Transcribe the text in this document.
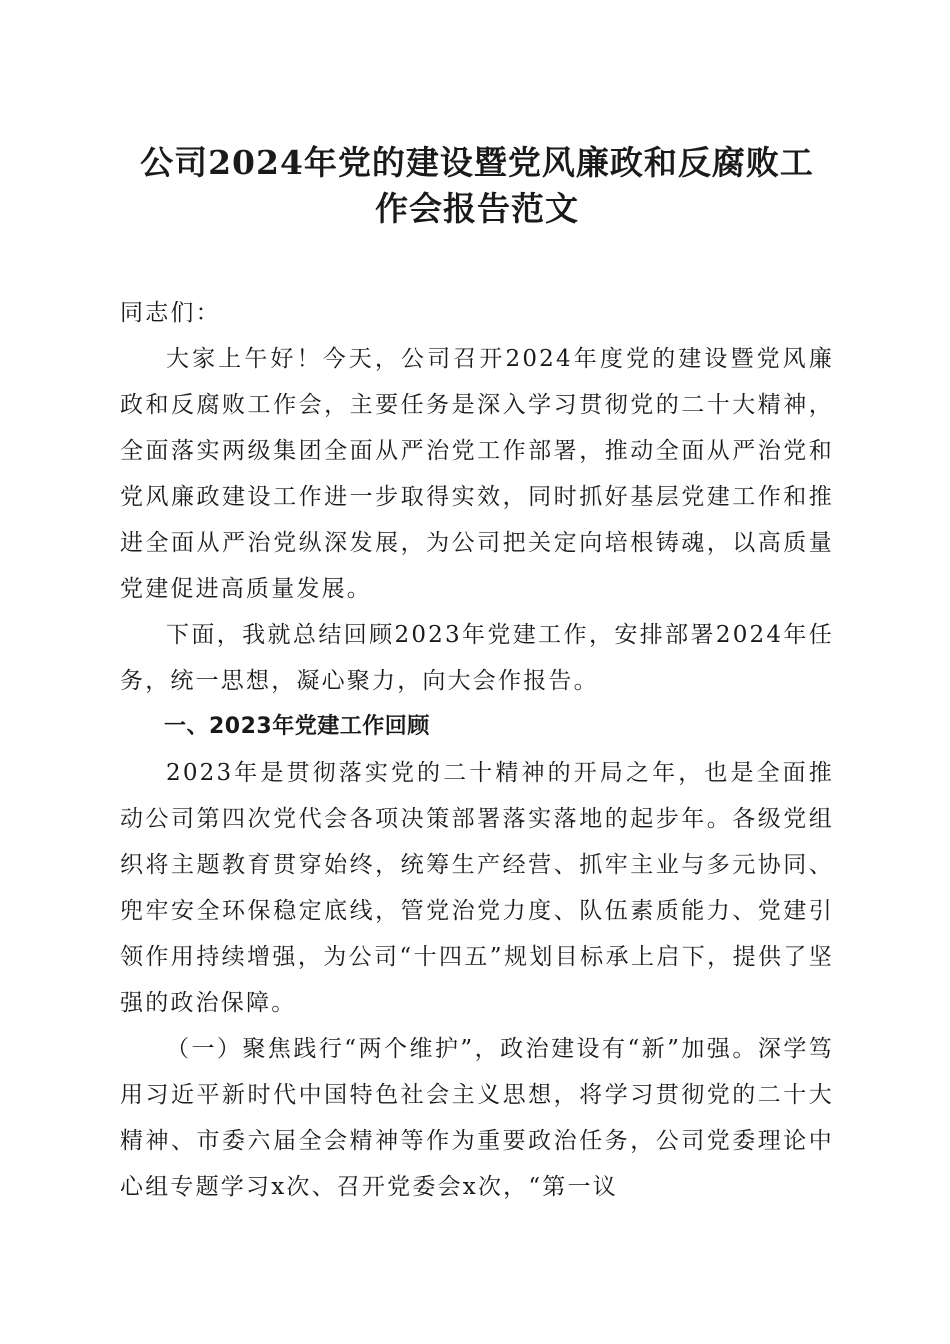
公司2024年党的建设暨党风廉政和反腐败工
作会报告范文

同志们：

大家上午好！今天，公司召开2024年度党的建设暨党风廉政和反腐败工作会，主要任务是深入学习贯彻党的二十大精神，全面落实两级集团全面从严治党工作部署，推动全面从严治党和党风廉政建设工作进一步取得实效，同时抓好基层党建工作和推进全面从严治党纵深发展，为公司把关定向培根铸魂，以高质量党建促进高质量发展。

下面，我就总结回顾2023年党建工作，安排部署2024年任务，统一思想，凝心聚力，向大会作报告。

一、2023年党建工作回顾

2023年是贯彻落实党的二十精神的开局之年，也是全面推动公司第四次党代会各项决策部署落实落地的起步年。各级党组织将主题教育贯穿始终，统筹生产经营、抓牢主业与多元协同、兜牢安全环保稳定底线，管党治党力度、队伍素质能力、党建引领作用持续增强，为公司“十四五”规划目标承上启下，提供了坚强的政治保障。

（一）聚焦践行“两个维护”，政治建设有“新”加强。深学笃用习近平新时代中国特色社会主义思想，将学习贯彻党的二十大精神、市委六届全会精神等作为重要政治任务，公司党委理论中心组专题学习x次、召开党委会x次，“第一议
